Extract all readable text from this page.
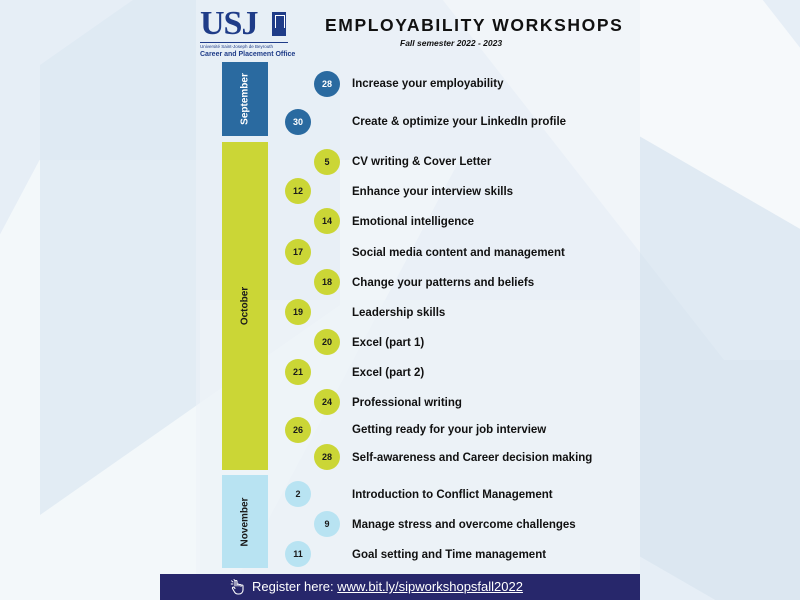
USJ
Université Saint-Joseph de Beyrouth
Career and Placement Office
EMPLOYABILITY WORKSHOPS
Fall semester 2022 - 2023
September
October
November
28	Increase your employability
30	Create & optimize your LinkedIn profile
5	CV writing & Cover Letter
12	Enhance your interview skills
14	Emotional intelligence
17	Social media content and management
18	Change your patterns and beliefs
19	Leadership skills
20	Excel (part 1)
21	Excel (part 2)
24	Professional writing
26	Getting ready for your job interview
28	Self-awareness and Career decision making
2	Introduction to Conflict Management
9	Manage stress and overcome challenges
11	Goal setting and Time management
Register here: www.bit.ly/sipworkshopsfall2022
